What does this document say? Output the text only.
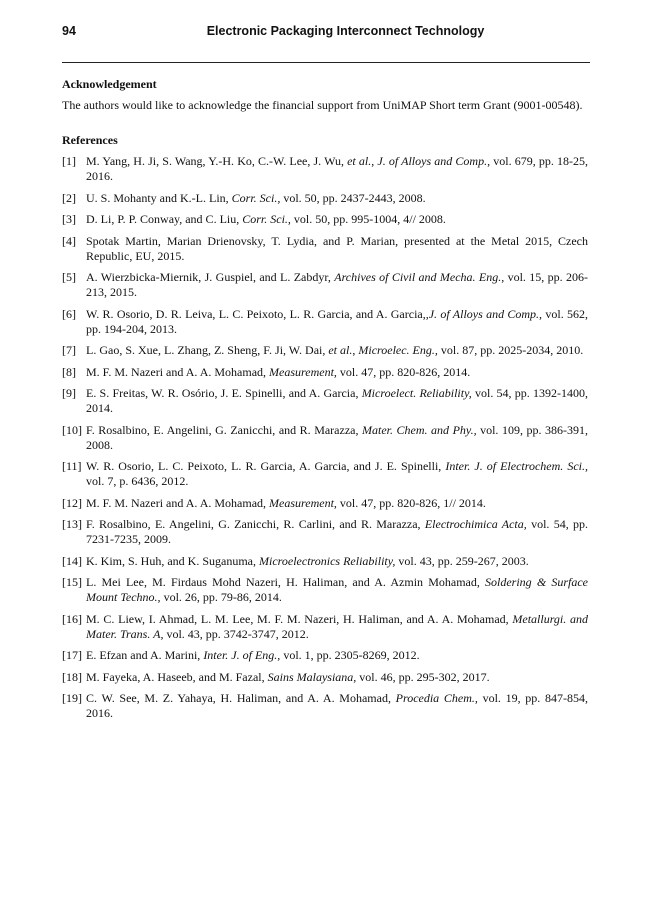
94	Electronic Packaging Interconnect Technology
Acknowledgement
The authors would like to acknowledge the financial support from UniMAP Short term Grant (9001-00548).
References
[1] M. Yang, H. Ji, S. Wang, Y.-H. Ko, C.-W. Lee, J. Wu, et al., J. of Alloys and Comp., vol. 679, pp. 18-25, 2016.
[2] U. S. Mohanty and K.-L. Lin, Corr. Sci., vol. 50, pp. 2437-2443, 2008.
[3] D. Li, P. P. Conway, and C. Liu, Corr. Sci., vol. 50, pp. 995-1004, 4// 2008.
[4] Spotak Martin, Marian Drienovsky, T. Lydia, and P. Marian, presented at the Metal 2015, Czech Republic, EU, 2015.
[5] A. Wierzbicka-Miernik, J. Guspiel, and L. Zabdyr, Archives of Civil and Mecha. Eng., vol. 15, pp. 206-213, 2015.
[6] W. R. Osorio, D. R. Leiva, L. C. Peixoto, L. R. Garcia, and A. Garcia,,J. of Alloys and Comp., vol. 562, pp. 194-204, 2013.
[7] L. Gao, S. Xue, L. Zhang, Z. Sheng, F. Ji, W. Dai, et al., Microelec. Eng., vol. 87, pp. 2025-2034, 2010.
[8] M. F. M. Nazeri and A. A. Mohamad, Measurement, vol. 47, pp. 820-826, 2014.
[9] E. S. Freitas, W. R. Osório, J. E. Spinelli, and A. Garcia, Microelect. Reliability, vol. 54, pp. 1392-1400, 2014.
[10] F. Rosalbino, E. Angelini, G. Zanicchi, and R. Marazza, Mater. Chem. and Phy., vol. 109, pp. 386-391, 2008.
[11] W. R. Osorio, L. C. Peixoto, L. R. Garcia, A. Garcia, and J. E. Spinelli, Inter. J. of Electrochem. Sci., vol. 7, p. 6436, 2012.
[12] M. F. M. Nazeri and A. A. Mohamad, Measurement, vol. 47, pp. 820-826, 1// 2014.
[13] F. Rosalbino, E. Angelini, G. Zanicchi, R. Carlini, and R. Marazza, Electrochimica Acta, vol. 54, pp. 7231-7235, 2009.
[14] K. Kim, S. Huh, and K. Suganuma, Microelectronics Reliability, vol. 43, pp. 259-267, 2003.
[15] L. Mei Lee, M. Firdaus Mohd Nazeri, H. Haliman, and A. Azmin Mohamad, Soldering & Surface Mount Techno., vol. 26, pp. 79-86, 2014.
[16] M. C. Liew, I. Ahmad, L. M. Lee, M. F. M. Nazeri, H. Haliman, and A. A. Mohamad, Metallurgi. and Mater. Trans. A, vol. 43, pp. 3742-3747, 2012.
[17] E. Efzan and A. Marini, Inter. J. of Eng., vol. 1, pp. 2305-8269, 2012.
[18] M. Fayeka, A. Haseeb, and M. Fazal, Sains Malaysiana, vol. 46, pp. 295-302, 2017.
[19] C. W. See, M. Z. Yahaya, H. Haliman, and A. A. Mohamad, Procedia Chem., vol. 19, pp. 847-854, 2016.
